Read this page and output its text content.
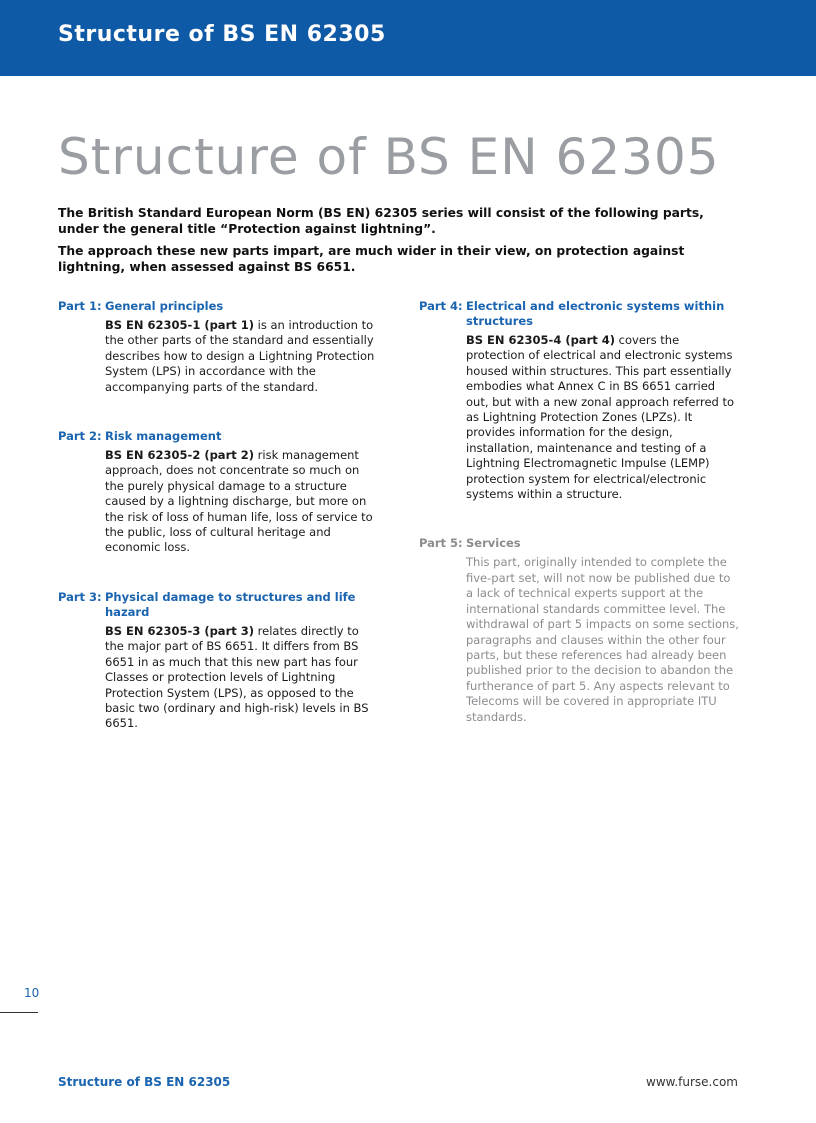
Structure of BS EN 62305
Structure of BS EN 62305

The British Standard European Norm (BS EN) 62305 series will consist of the following parts, under the general title “Protection against lightning”.

The approach these new parts impart, are much wider in their view, on protection against lightning, when assessed against BS 6651.

Part 1: General principles
BS EN 62305-1 (part 1) is an introduction to the other parts of the standard and essentially describes how to design a Lightning Protection System (LPS) in accordance with the accompanying parts of the standard.
Part 2: Risk management
BS EN 62305-2 (part 2) risk management approach, does not concentrate so much on the purely physical damage to a structure caused by a lightning discharge, but more on the risk of loss of human life, loss of service to the public, loss of cultural heritage and economic loss.
Part 3: Physical damage to structures and life hazard
BS EN 62305-3 (part 3) relates directly to the major part of BS 6651. It differs from BS 6651 in as much that this new part has four Classes or protection levels of Lightning Protection System (LPS), as opposed to the basic two (ordinary and high-risk) levels in BS 6651.
Part 4: Electrical and electronic systems within structures
BS EN 62305-4 (part 4) covers the protection of electrical and electronic systems housed within structures. This part essentially embodies what Annex C in BS 6651 carried out, but with a new zonal approach referred to as Lightning Protection Zones (LPZs). It provides information for the design, installation, maintenance and testing of a Lightning Electromagnetic Impulse (LEMP) protection system for electrical/electronic systems within a structure.
Part 5: Services
This part, originally intended to complete the five-part set, will not now be published due to a lack of technical experts support at the international standards committee level. The withdrawal of part 5 impacts on some sections, paragraphs and clauses within the other four parts, but these references had already been published prior to the decision to abandon the furtherance of part 5. Any aspects relevant to Telecoms will be covered in appropriate ITU standards.
10
Structure of BS EN 62305	www.furse.com
